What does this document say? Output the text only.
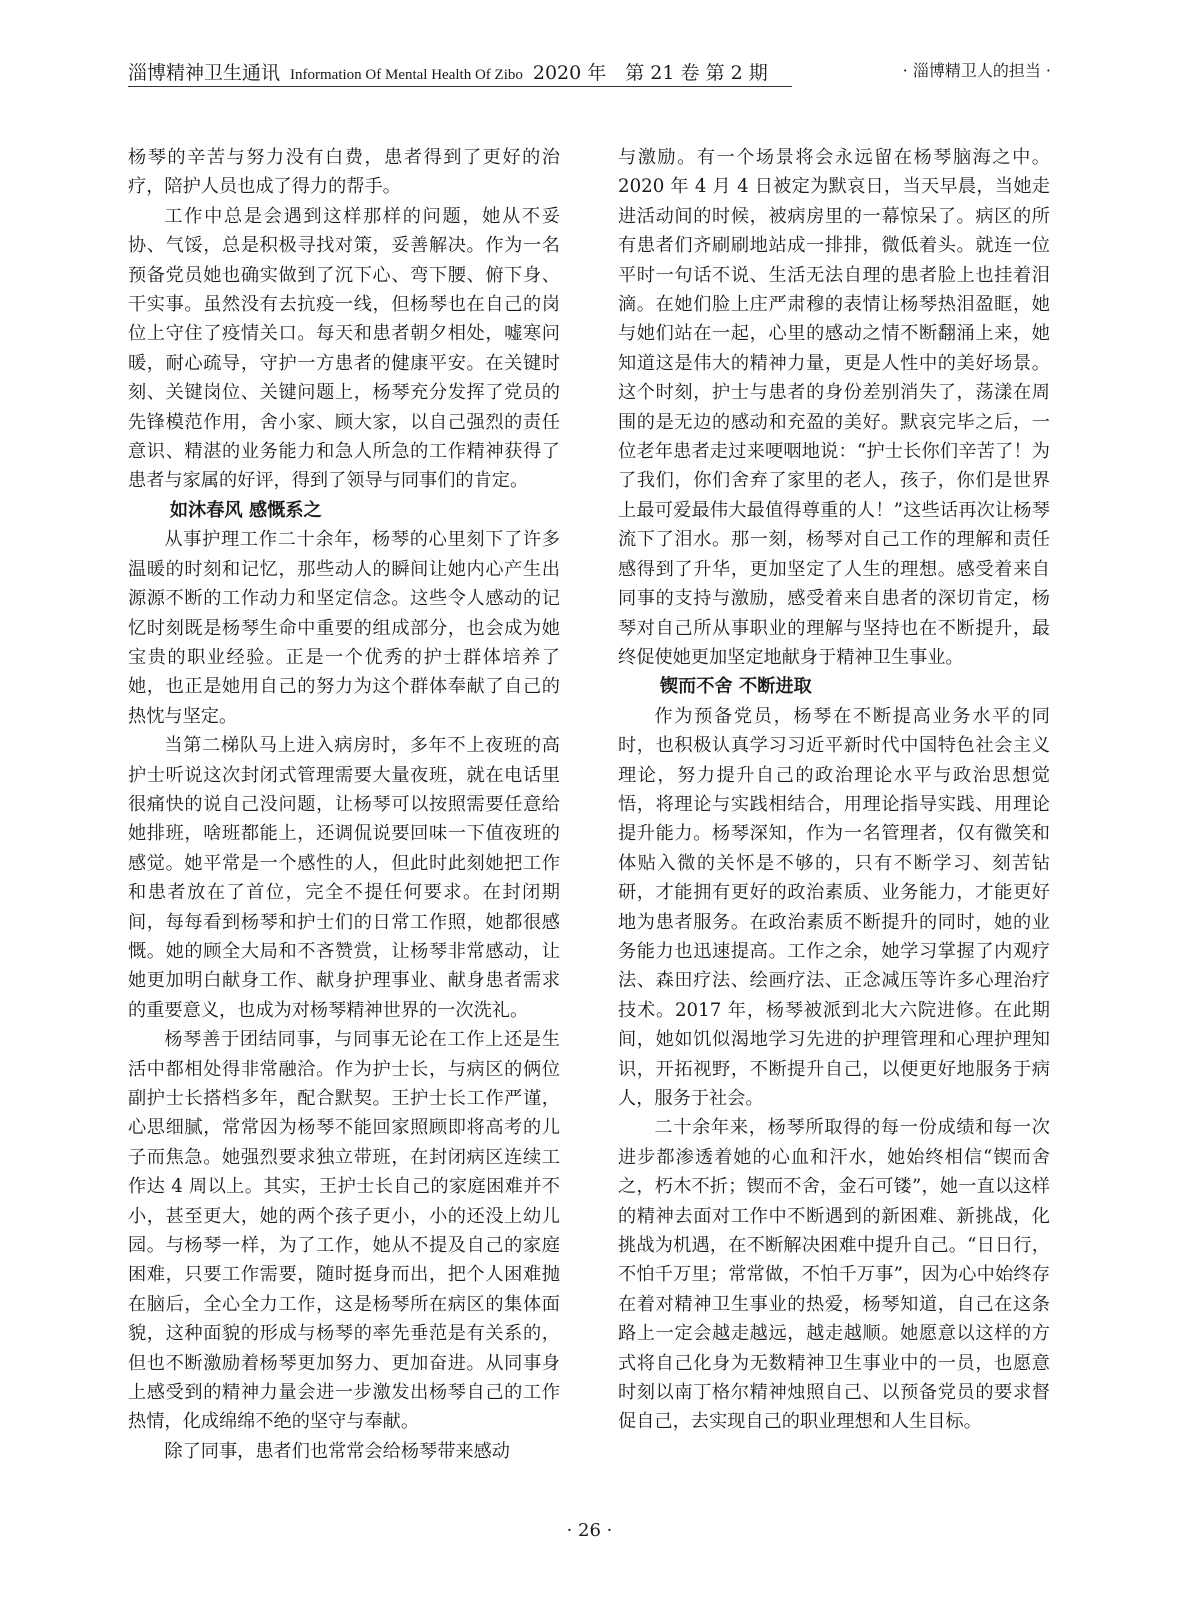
淄博精神卫生通讯 Information Of Mental Health Of Zibo 2020 年　第 21 卷 第 2 期	· 淄博精卫人的担当 ·

杨琴的辛苦与努力没有白费，患者得到了更好的治疗，陪护人员也成了得力的帮手。

工作中总是会遇到这样那样的问题，她从不妥协、气馁，总是积极寻找对策，妥善解决。作为一名预备党员她也确实做到了沉下心、弯下腰、俯下身、干实事。虽然没有去抗疫一线，但杨琴也在自己的岗位上守住了疫情关口。每天和患者朝夕相处，嘘寒问暖，耐心疏导，守护一方患者的健康平安。在关键时刻、关键岗位、关键问题上，杨琴充分发挥了党员的先锋模范作用，舍小家、顾大家，以自己强烈的责任意识、精湛的业务能力和急人所急的工作精神获得了患者与家属的好评，得到了领导与同事们的肯定。

如沐春风 感慨系之

从事护理工作二十余年，杨琴的心里刻下了许多温暖的时刻和记忆，那些动人的瞬间让她内心产生出源源不断的工作动力和坚定信念。这些令人感动的记忆时刻既是杨琴生命中重要的组成部分，也会成为她宝贵的职业经验。正是一个优秀的护士群体培养了她，也正是她用自己的努力为这个群体奉献了自己的热忱与坚定。

当第二梯队马上进入病房时，多年不上夜班的高护士听说这次封闭式管理需要大量夜班，就在电话里很痛快的说自己没问题，让杨琴可以按照需要任意给她排班，啥班都能上，还调侃说要回味一下值夜班的感觉。她平常是一个感性的人，但此时此刻她把工作和患者放在了首位，完全不提任何要求。在封闭期间，每每看到杨琴和护士们的日常工作照，她都很感慨。她的顾全大局和不吝赞赏，让杨琴非常感动，让她更加明白献身工作、献身护理事业、献身患者需求的重要意义，也成为对杨琴精神世界的一次洗礼。

杨琴善于团结同事，与同事无论在工作上还是生活中都相处得非常融洽。作为护士长，与病区的俩位副护士长搭档多年，配合默契。王护士长工作严谨，心思细腻，常常因为杨琴不能回家照顾即将高考的儿子而焦急。她强烈要求独立带班，在封闭病区连续工作达 4 周以上。其实，王护士长自己的家庭困难并不小，甚至更大，她的两个孩子更小，小的还没上幼儿园。与杨琴一样，为了工作，她从不提及自己的家庭困难，只要工作需要，随时挺身而出，把个人困难抛在脑后，全心全力工作，这是杨琴所在病区的集体面貌，这种面貌的形成与杨琴的率先垂范是有关系的，但也不断激励着杨琴更加努力、更加奋进。从同事身上感受到的精神力量会进一步激发出杨琴自己的工作热情，化成绵绵不绝的坚守与奉献。

除了同事，患者们也常常会给杨琴带来感动

与激励。有一个场景将会永远留在杨琴脑海之中。2020 年 4 月 4 日被定为默哀日，当天早晨，当她走进活动间的时候，被病房里的一幕惊呆了。病区的所有患者们齐刷刷地站成一排排，微低着头。就连一位平时一句话不说、生活无法自理的患者脸上也挂着泪滴。在她们脸上庄严肃穆的表情让杨琴热泪盈眶，她与她们站在一起，心里的感动之情不断翻涌上来，她知道这是伟大的精神力量，更是人性中的美好场景。这个时刻，护士与患者的身份差别消失了，荡漾在周围的是无边的感动和充盈的美好。默哀完毕之后，一位老年患者走过来哽咽地说：“护士长你们辛苦了！为了我们，你们舍弃了家里的老人，孩子，你们是世界上最可爱最伟大最值得尊重的人！”这些话再次让杨琴流下了泪水。那一刻，杨琴对自己工作的理解和责任感得到了升华，更加坚定了人生的理想。感受着来自同事的支持与激励，感受着来自患者的深切肯定，杨琴对自己所从事职业的理解与坚持也在不断提升，最终促使她更加坚定地献身于精神卫生事业。

锲而不舍 不断进取

作为预备党员，杨琴在不断提高业务水平的同时，也积极认真学习习近平新时代中国特色社会主义理论，努力提升自己的政治理论水平与政治思想觉悟，将理论与实践相结合，用理论指导实践、用理论提升能力。杨琴深知，作为一名管理者，仅有微笑和体贴入微的关怀是不够的，只有不断学习、刻苦钻研，才能拥有更好的政治素质、业务能力，才能更好地为患者服务。在政治素质不断提升的同时，她的业务能力也迅速提高。工作之余，她学习掌握了内观疗法、森田疗法、绘画疗法、正念减压等许多心理治疗技术。2017 年，杨琴被派到北大六院进修。在此期间，她如饥似渴地学习先进的护理管理和心理护理知识，开拓视野，不断提升自己，以便更好地服务于病人，服务于社会。

二十余年来，杨琴所取得的每一份成绩和每一次进步都渗透着她的心血和汗水，她始终相信“锲而舍之，朽木不折；锲而不舍，金石可镂”，她一直以这样的精神去面对工作中不断遇到的新困难、新挑战，化挑战为机遇，在不断解决困难中提升自己。“日日行，不怕千万里；常常做，不怕千万事”，因为心中始终存在着对精神卫生事业的热爱，杨琴知道，自己在这条路上一定会越走越远，越走越顺。她愿意以这样的方式将自己化身为无数精神卫生事业中的一员，也愿意时刻以南丁格尔精神烛照自己、以预备党员的要求督促自己，去实现自己的职业理想和人生目标。

· 26 ·
